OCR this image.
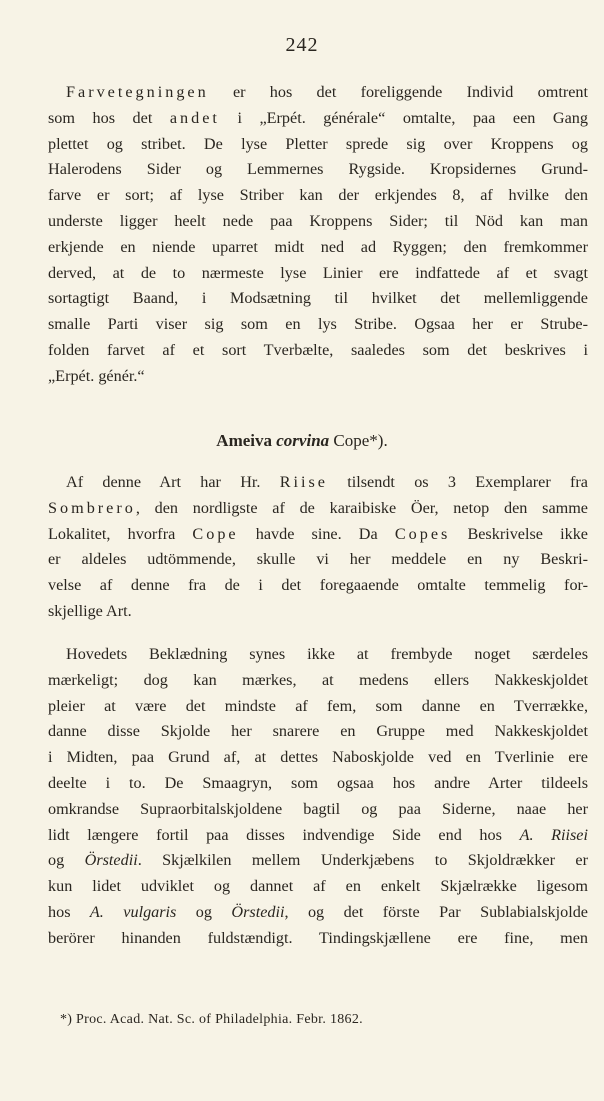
242
Farvetegningen er hos det foreliggende Individ omtrent
som hos det andet i „Erpét. générale“ omtalte, paa een Gang
plettet og stribet. De lyse Pletter sprede sig over Kroppens og
Halerodens Sider og Lemmernes Rygside. Kropsidernes Grund-
farve er sort; af lyse Striber kan der erkjendes 8, af hvilke den
underste ligger heelt nede paa Kroppens Sider; til Nöd kan man
erkjende en niende uparret midt ned ad Ryggen; den fremkommer
derved, at de to nærmeste lyse Linier ere indfattede af et svagt
sortagtigt Baand, i Modsætning til hvilket det mellemliggende
smalle Parti viser sig som en lys Stribe. Ogsaa her er Strube-
folden farvet af et sort Tverbælte, saaledes som det beskrives i
„Erpét. génér.“
Ameiva corvina Cope*).
Af denne Art har Hr. Riise tilsendt os 3 Exemplarer fra
Sombrero, den nordligste af de karaibiske Öer, netop den samme
Lokalitet, hvorfra Cope havde sine. Da Copes Beskrivelse ikke
er aldeles udtömmende, skulle vi her meddele en ny Beskri-
velse af denne fra de i det foregaaende omtalte temmelig for-
skjellige Art.
Hovedets Beklædning synes ikke at frembyde noget særdeles
mærkeligt; dog kan mærkes, at medens ellers Nakkeskjoldet
pleier at være det mindste af fem, som danne en Tverrække,
danne disse Skjolde her snarere en Gruppe med Nakkeskjoldet
i Midten, paa Grund af, at dettes Naboskjolde ved en Tverlinie ere
deelte i to. De Smaagryn, som ogsaa hos andre Arter tildeels
omkrandse Supraorbitalskjoldene bagtil og paa Siderne, naae her
lidt længere fortil paa disses indvendige Side end hos A. Riisei
og Örstedii. Skjælkilen mellem Underkjæbens to Skjoldrækker er
kun lidet udviklet og dannet af en enkelt Skjælrække ligesom
hos A. vulgaris og Örstedii, og det förste Par Sublabialskjolde
berörer hinanden fuldstændigt. Tindingskjællene ere fine, men
*) Proc. Acad. Nat. Sc. of Philadelphia. Febr. 1862.
